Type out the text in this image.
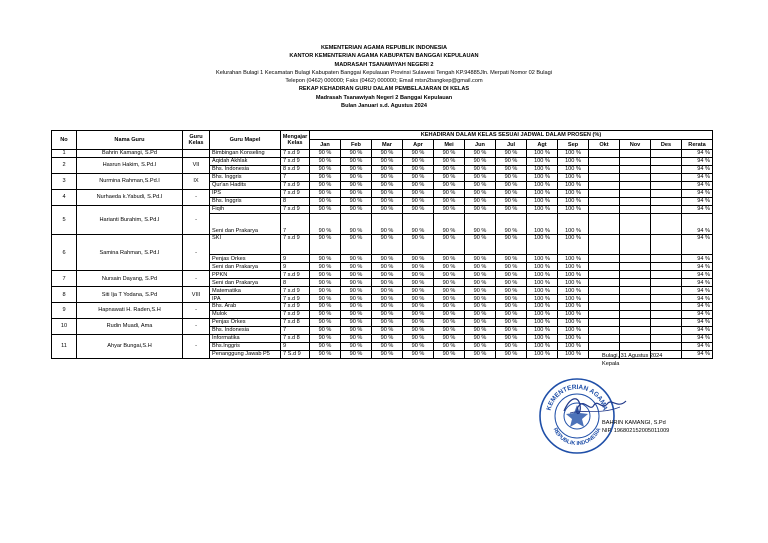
KEMENTERIAN AGAMA REPUBLIK INDONESIA
KANTOR KEMENTERIAN AGAMA KABUPATEN BANGGAI KEPULAUAN
MADRASAH TSANAWIYAH NEGERI 2
Kelurahan Bulagi 1 Kecamatan Bulagi Kabupaten Banggai Kepulauan Provinsi Sulawesi Tengah KP.94885Jln. Merpati Nomor 02 Bulagi
Telepon (0462) 000000; Faks (0462) 000000; Email mtsn2bangkep@gmail.com
REKAP KEHADIRAN GURU DALAM PEMBELAJARAN DI KELAS
Madrasah Tsanawiyah Negeri 2 Banggai Kepulauan
Bulan Januari s.d. Agustus 2024
No	Nama Guru	Guru Kelas	Guru Mapel	Mengajar Kelas	KEHADIRAN DALAM KELAS SESUAI JADWAL DALAM PROSEN (%)												
					Jan	Feb	Mar	Apr	Mei	Jun	Jul	Agt	Sep	Okt	Nov	Des	Rerata
1	Bahrin Kamangi, S.Pd		Bimbingan Konseling	7 s.d 9	90 %	90 %	90 %	90 %	90 %	90 %	90 %	100 %	100 %				94 %
2	Hasrun Hakim, S.Pd.I	VII	Aqidah Akhlak	7 s.d 9	90 %	90 %	90 %	90 %	90 %	90 %	90 %	100 %	100 %				94 %
			Bhs. Indonesia	8 s.d 9	90 %	90 %	90 %	90 %	90 %	90 %	90 %	100 %	100 %				94 %
3	Nurmina Rahman,S.Pd.I	IX	Bhs. Inggris	7	90 %	90 %	90 %	90 %	90 %	90 %	90 %	100 %	100 %				94 %
			Qur'an Hadits	7 s.d 9	90 %	90 %	90 %	90 %	90 %	90 %	90 %	100 %	100 %				94 %
4	Nurhaeda k.Yabudi, S.Pd.I	-	IPS	7 s.d 9	90 %	90 %	90 %	90 %	90 %	90 %	90 %	100 %	100 %				94 %
			Bhs. Inggris	8	90 %	90 %	90 %	90 %	90 %	90 %	90 %	100 %	100 %				94 %
5	Harianti Burahim, S.Pd.I	-	Fiqih	7 s.d 9	90 %	90 %	90 %	90 %	90 %	90 %	90 %	100 %	100 %				94 %
			Seni dan Prakarya	7	90 %	90 %	90 %	90 %	90 %	90 %	90 %	100 %	100 %				94 %
6	Samina Rahman, S.Pd.I	-	SKI	7 s.d 9	90 %	90 %	90 %	90 %	90 %	90 %	90 %	100 %	100 %				94 %
			Penjas Orkes	9	90 %	90 %	90 %	90 %	90 %	90 %	90 %	100 %	100 %				94 %
			Seni dan Prakarya	9	90 %	90 %	90 %	90 %	90 %	90 %	90 %	100 %	100 %				94 %
7	Nursain Dayang, S.Pd	-	PPKN	7 s.d 9	90 %	90 %	90 %	90 %	90 %	90 %	90 %	100 %	100 %				94 %
			Seni dan Prakarya	8	90 %	90 %	90 %	90 %	90 %	90 %	90 %	100 %	100 %				94 %
8	Siti Ija T Yodana, S.Pd	VIII	Matematika	7 s.d 9	90 %	90 %	90 %	90 %	90 %	90 %	90 %	100 %	100 %				94 %
			IPA	7 s.d 9	90 %	90 %	90 %	90 %	90 %	90 %	90 %	100 %	100 %				94 %
9	Hapnawati H. Raden,S.H	-	Bhs. Arab	7 s.d 9	90 %	90 %	90 %	90 %	90 %	90 %	90 %	100 %	100 %				94 %
			Mulok	7 s.d 9	90 %	90 %	90 %	90 %	90 %	90 %	90 %	100 %	100 %				94 %
10	Rudin Muadi, Ama	-	Penjas Orkes	7 s.d 8	90 %	90 %	90 %	90 %	90 %	90 %	90 %	100 %	100 %				94 %
			Bhs. Indonesia	7	90 %	90 %	90 %	90 %	90 %	90 %	90 %	100 %	100 %				94 %
11	Ahyar Bungai,S.H	-	Informatika	7 s.d 8	90 %	90 %	90 %	90 %	90 %	90 %	90 %	100 %	100 %				94 %
			Bhs.Inggris	9	90 %	90 %	90 %	90 %	90 %	90 %	90 %	100 %	100 %				94 %
			Penanggung Jawab P5	7 S.d 9	90 %	90 %	90 %	90 %	90 %	90 %	90 %	100 %	100 %				94 %
KEMENTERIAN AGAMA
REPUBLIK INDONESIA
Bulagi, 31 Agustus 2024
Kepala
BAHRIN KAMANGI, S.Pd
NIP. 196802152005011009
